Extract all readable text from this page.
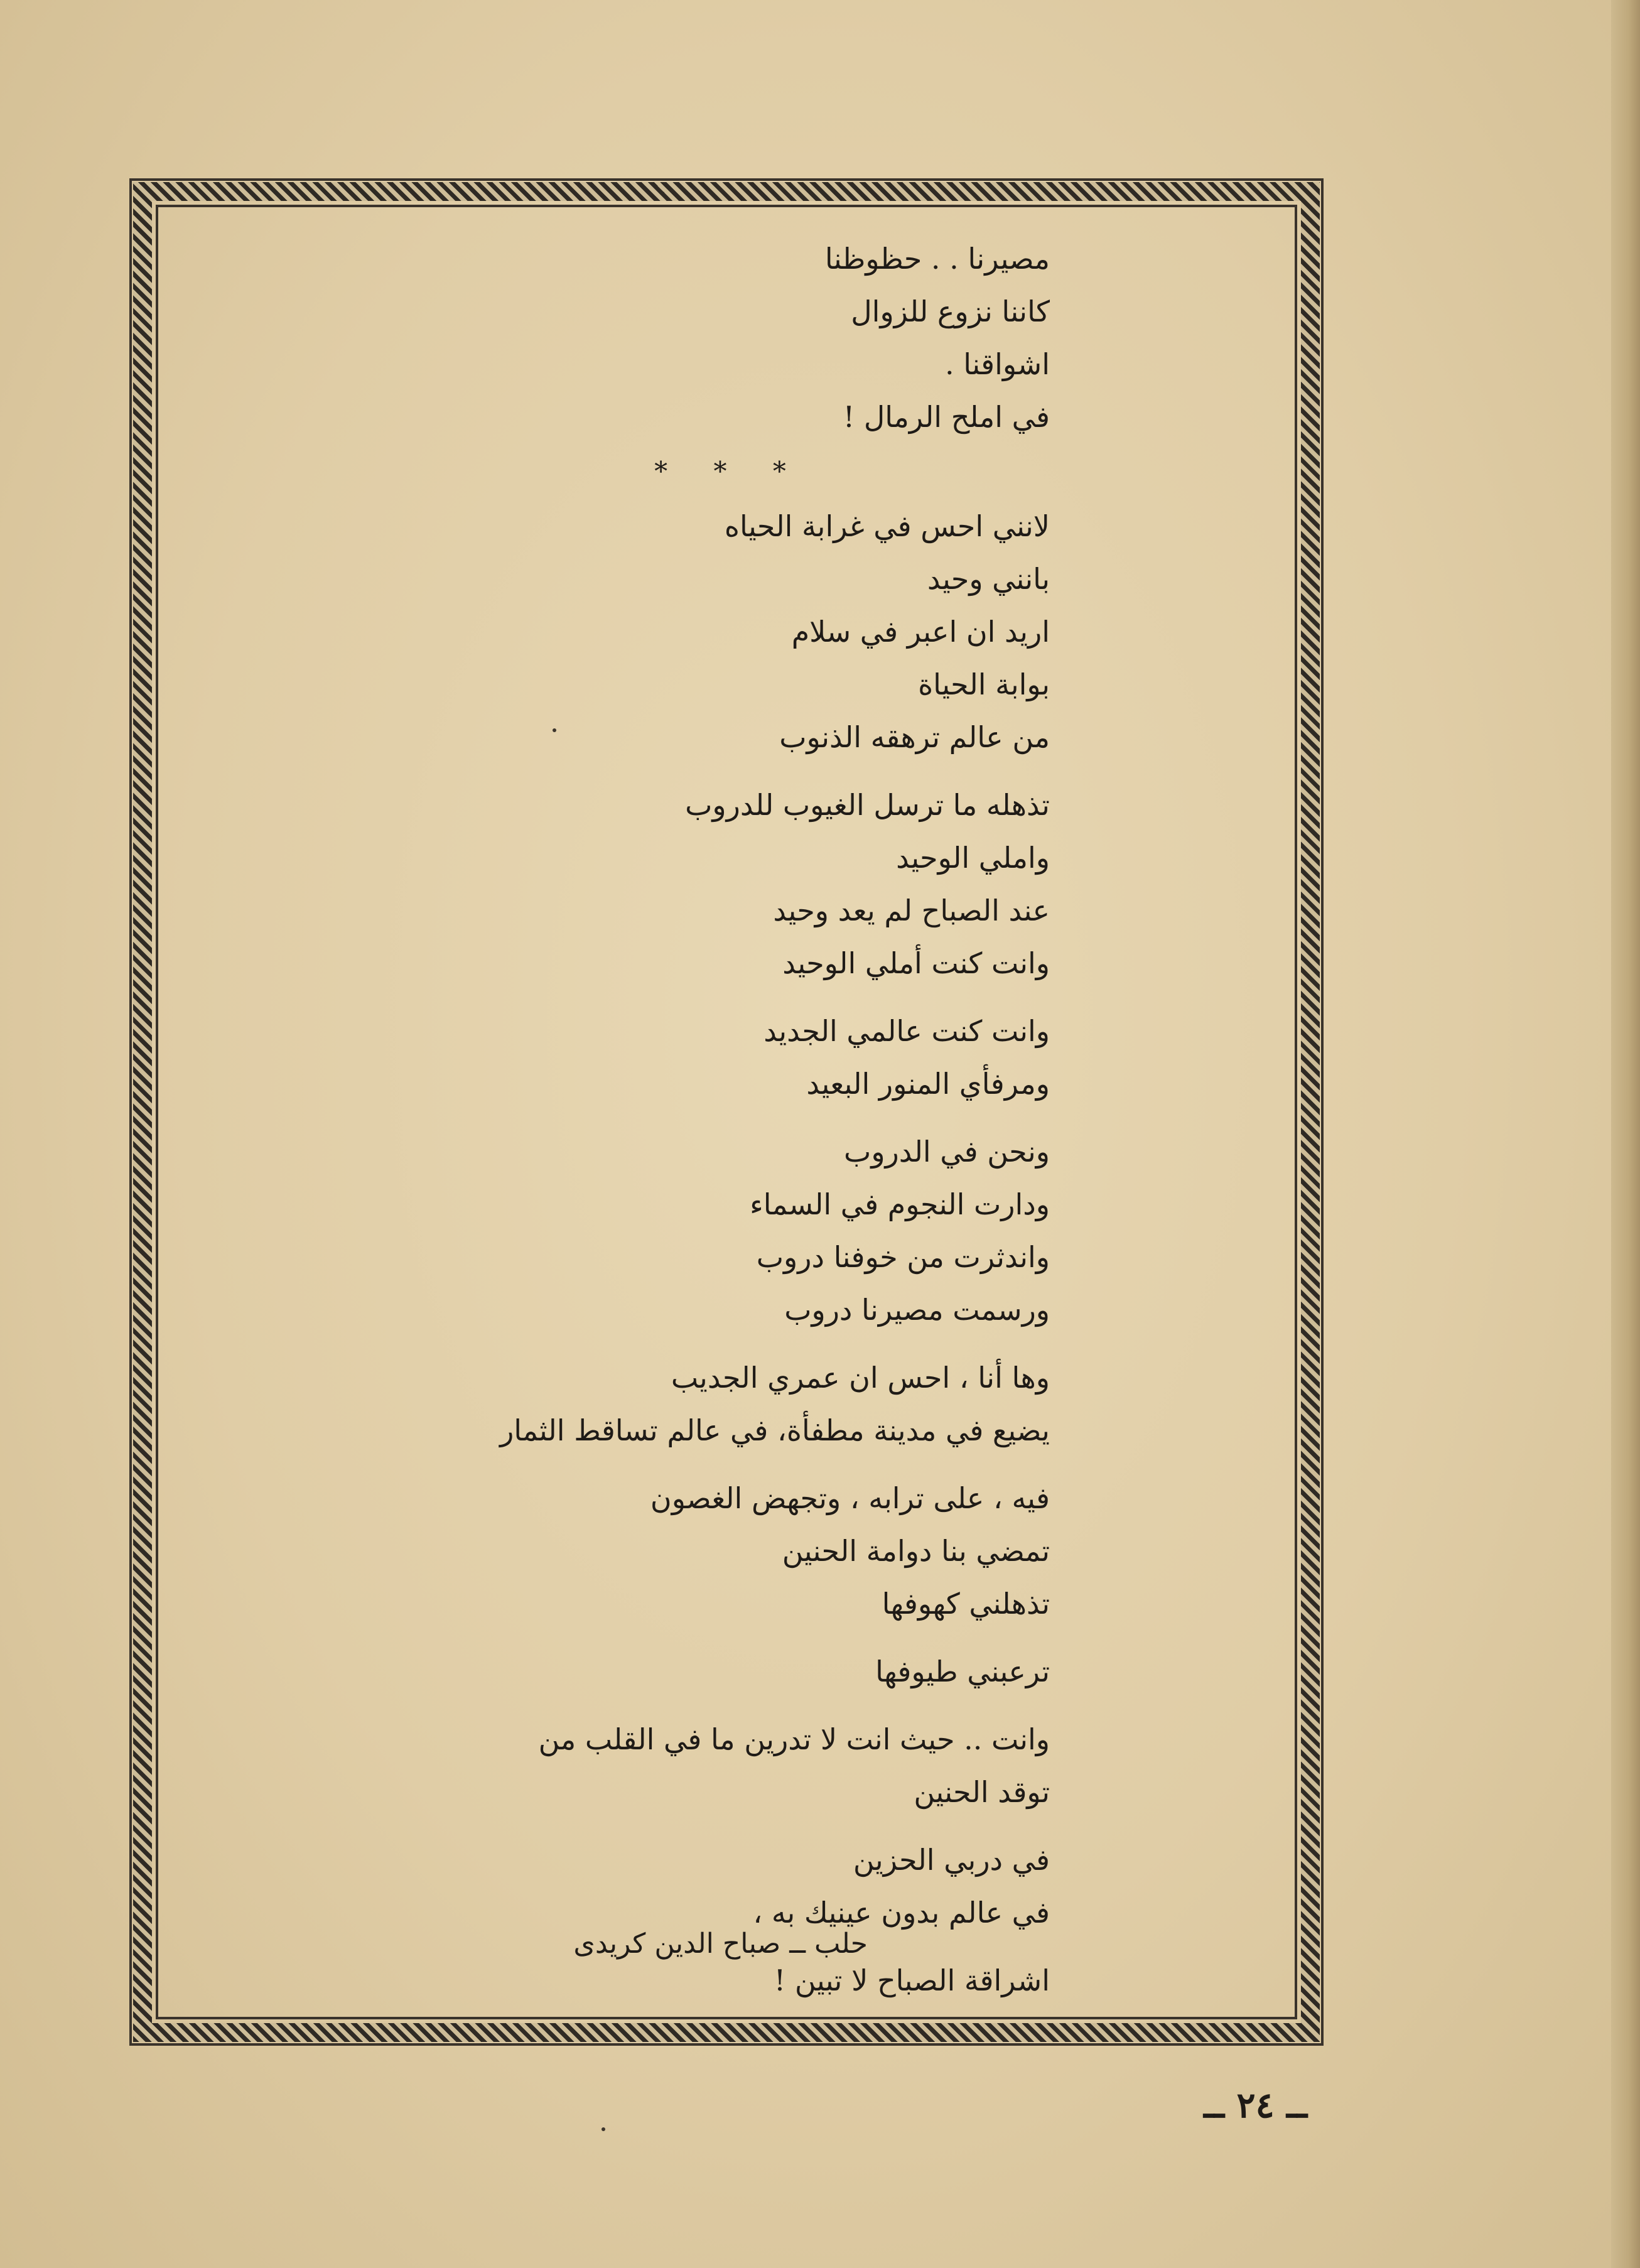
مصيرنا . . حظوظنا
كاننا نزوع للزوال
اشواقنا .
في املح الرمال !
* * *
لانني احس في غرابة الحياه
بانني وحيد
اريد ان اعبر في سلام
بوابة الحياة
من عالم ترهقه الذنوب
تذهله ما ترسل الغيوب للدروب
واملي الوحيد
عند الصباح لم يعد وحيد
وانت كنت أملي الوحيد
وانت كنت عالمي الجديد
ومرفأي المنور البعيد
ونحن في الدروب
ودارت النجوم في السماء
واندثرت من خوفنا دروب
ورسمت مصيرنا دروب
وها أنا ، احس ان عمري الجديب
يضيع في مدينة مطفأة، في عالم تساقط الثمار
فيه ، على ترابه ، وتجهض الغصون
تمضي بنا دوامة الحنين
تذهلني كهوفها
ترعبني طيوفها
وانت .. حيث انت لا تدرين ما في القلب من
توقد الحنين
في دربي الحزين
في عالم بدون عينيك به ،
اشراقة الصباح لا تبين !
حلب ــ صباح الدين كريدى
ــ ٢٤ ــ
